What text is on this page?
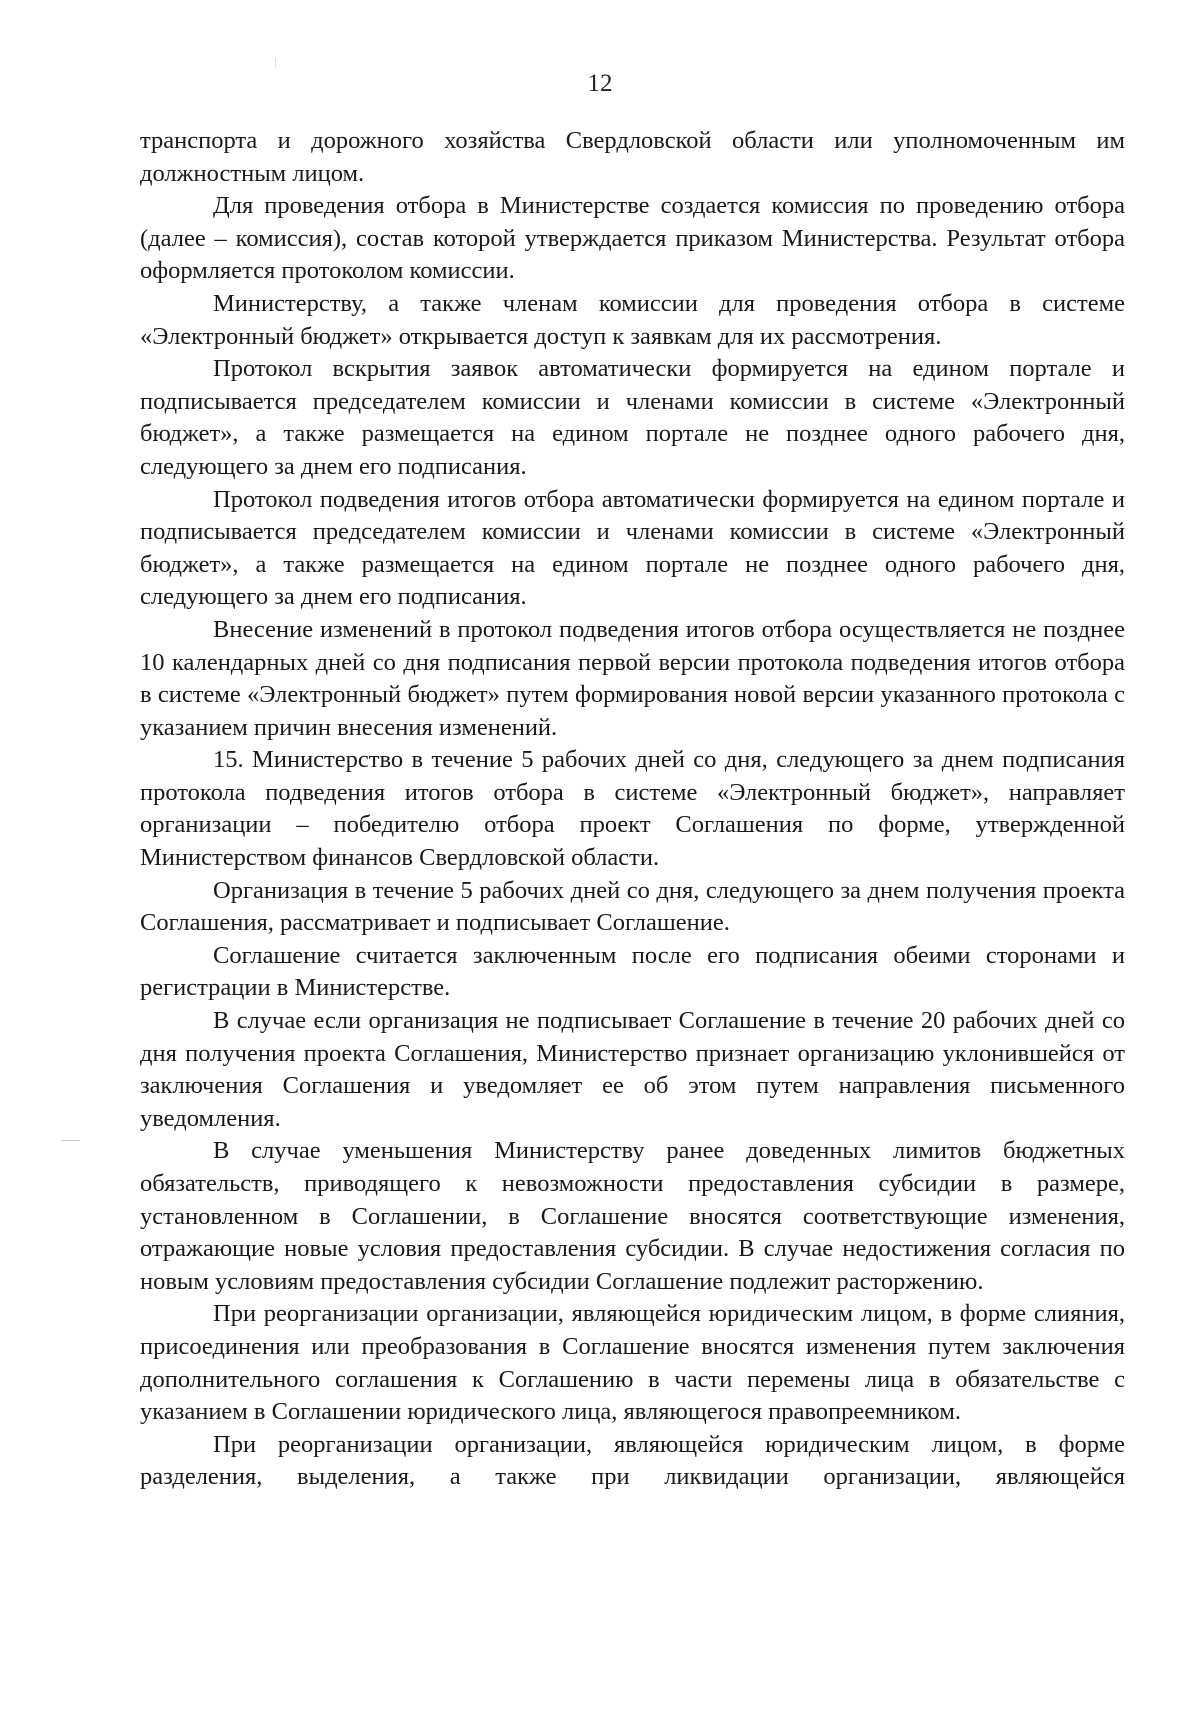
12

транспорта и дорожного хозяйства Свердловской области или уполномоченным им должностным лицом.

Для проведения отбора в Министерстве создается комиссия по проведению отбора (далее – комиссия), состав которой утверждается приказом Министерства. Результат отбора оформляется протоколом комиссии.

Министерству, а также членам комиссии для проведения отбора в системе «Электронный бюджет» открывается доступ к заявкам для их рассмотрения.

Протокол вскрытия заявок автоматически формируется на едином портале и подписывается председателем комиссии и членами комиссии в системе «Электронный бюджет», а также размещается на едином портале не позднее одного рабочего дня, следующего за днем его подписания.

Протокол подведения итогов отбора автоматически формируется на едином портале и подписывается председателем комиссии и членами комиссии в системе «Электронный бюджет», а также размещается на едином портале не позднее одного рабочего дня, следующего за днем его подписания.

Внесение изменений в протокол подведения итогов отбора осуществляется не позднее 10 календарных дней со дня подписания первой версии протокола подведения итогов отбора в системе «Электронный бюджет» путем формирования новой версии указанного протокола с указанием причин внесения изменений.

15. Министерство в течение 5 рабочих дней со дня, следующего за днем подписания протокола подведения итогов отбора в системе «Электронный бюджет», направляет организации – победителю отбора проект Соглашения по форме, утвержденной Министерством финансов Свердловской области.

Организация в течение 5 рабочих дней со дня, следующего за днем получения проекта Соглашения, рассматривает и подписывает Соглашение.

Соглашение считается заключенным после его подписания обеими сторонами и регистрации в Министерстве.

В случае если организация не подписывает Соглашение в течение 20 рабочих дней со дня получения проекта Соглашения, Министерство признает организацию уклонившейся от заключения Соглашения и уведомляет ее об этом путем направления письменного уведомления.

В случае уменьшения Министерству ранее доведенных лимитов бюджетных обязательств, приводящего к невозможности предоставления субсидии в размере, установленном в Соглашении, в Соглашение вносятся соответствующие изменения, отражающие новые условия предоставления субсидии. В случае недостижения согласия по новым условиям предоставления субсидии Соглашение подлежит расторжению.

При реорганизации организации, являющейся юридическим лицом, в форме слияния, присоединения или преобразования в Соглашение вносятся изменения путем заключения дополнительного соглашения к Соглашению в части перемены лица в обязательстве с указанием в Соглашении юридического лица, являющегося правопреемником.

При реорганизации организации, являющейся юридическим лицом, в форме разделения, выделения, а также при ликвидации организации, являющейся
